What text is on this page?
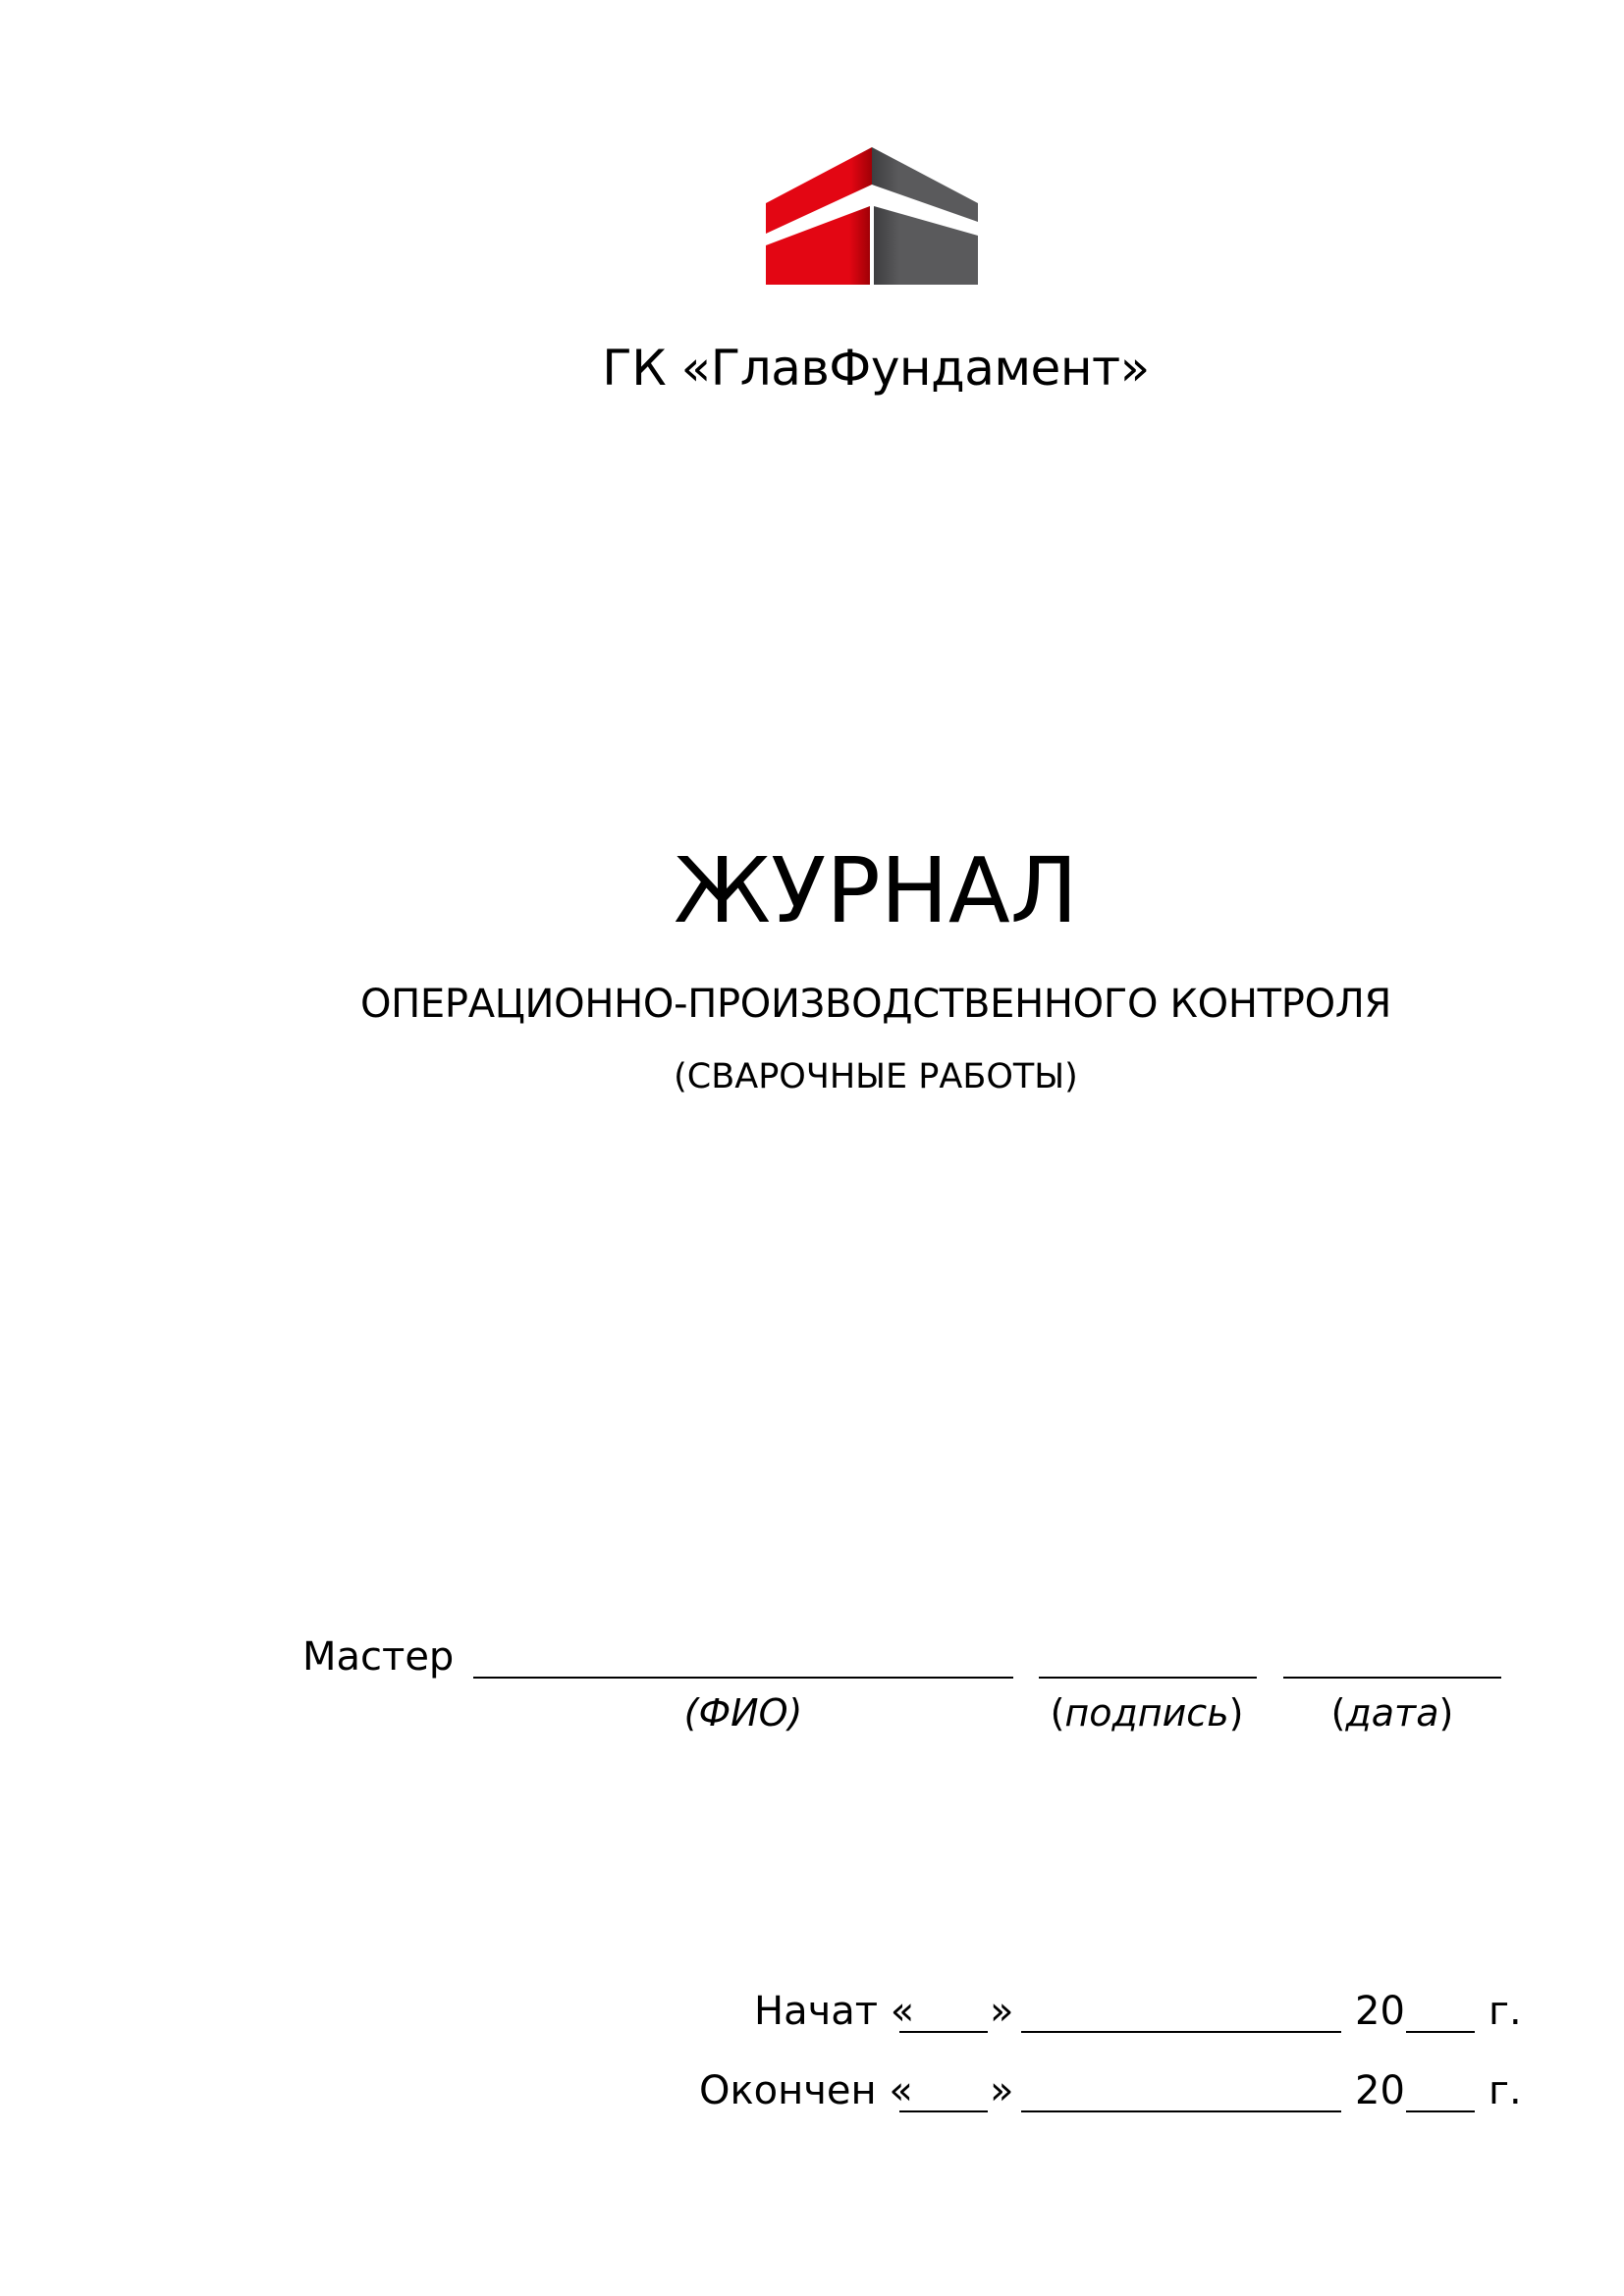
ГК «ГлавФундамент»
ЖУРНАЛ
ОПЕРАЦИОННО-ПРОИЗВОДСТВЕННОГО КОНТРОЛЯ
(СВАРОЧНЫЕ РАБОТЫ)
Мастер
(ФИО)	(подпись)	(дата)
Начат « »	20 г.
Окончен « »	20 г.
